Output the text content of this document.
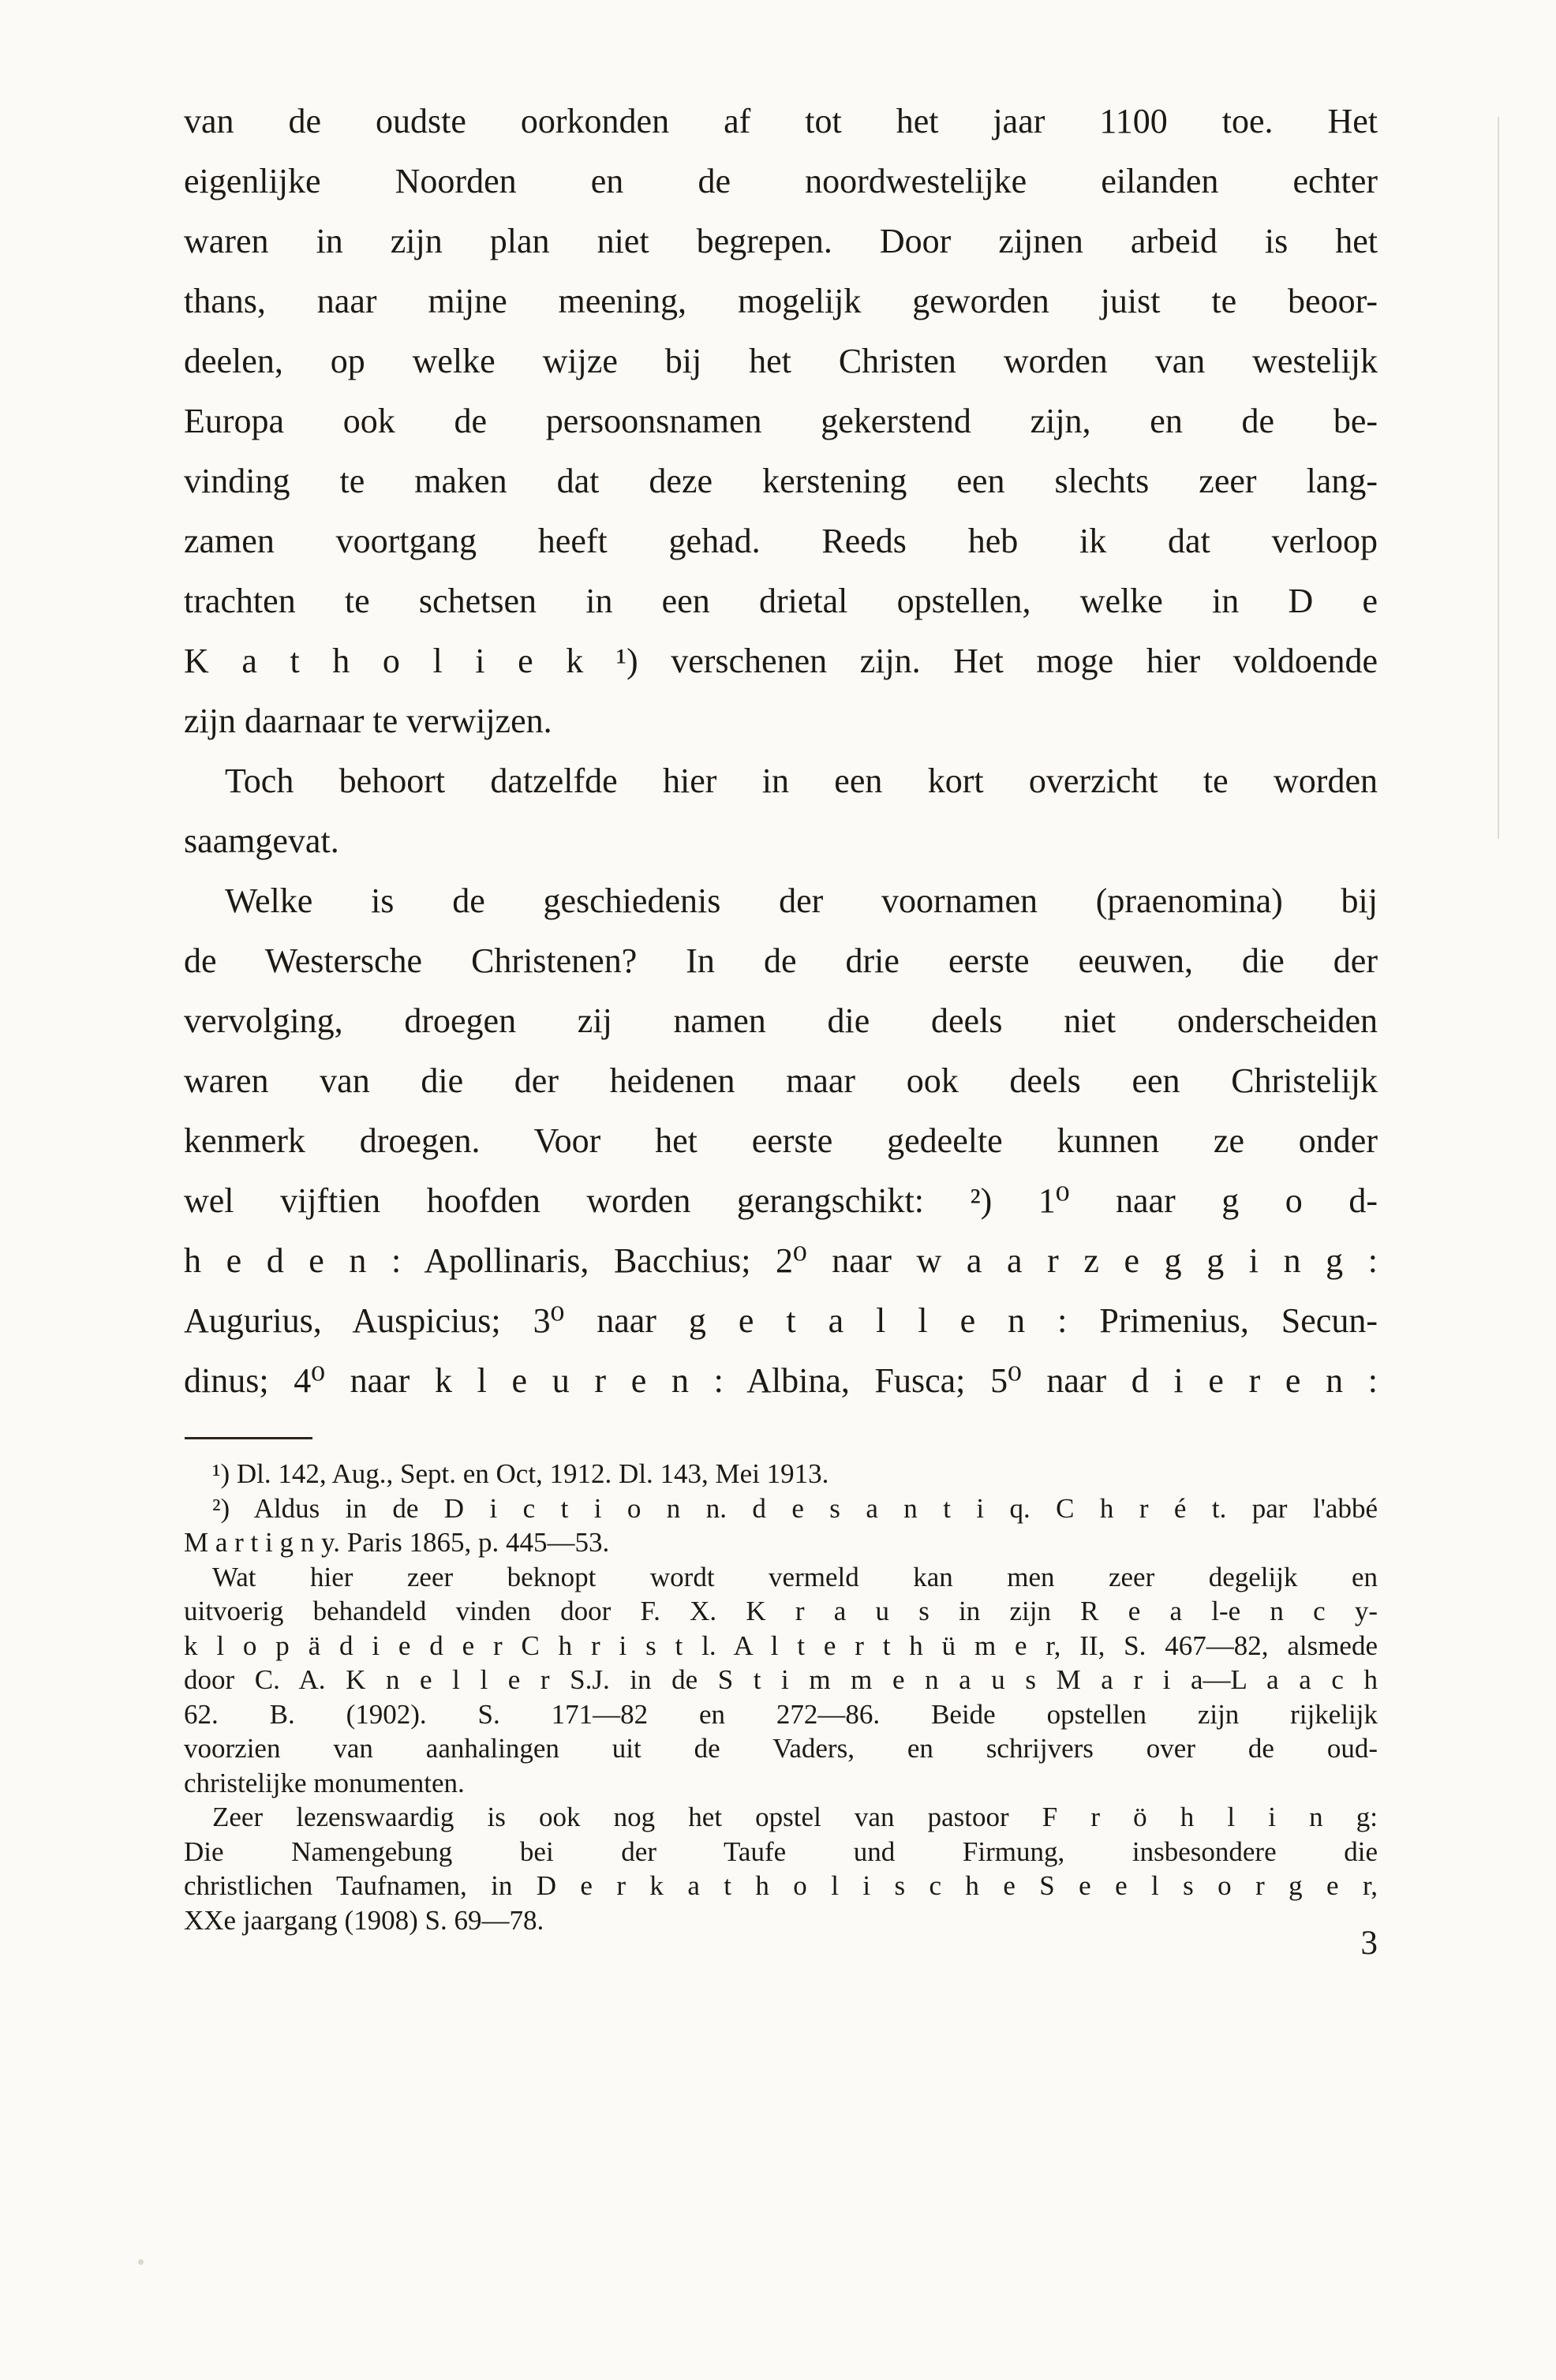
van de oudste oorkonden af tot het jaar 1100 toe. Het
eigenlijke Noorden en de noordwestelijke eilanden echter
waren in zijn plan niet begrepen. Door zijnen arbeid is het
thans, naar mijne meening, mogelijk geworden juist te beoor-
deelen, op welke wijze bij het Christen worden van westelijk
Europa ook de persoonsnamen gekerstend zijn, en de be-
vinding te maken dat deze kerstening een slechts zeer lang-
zamen voortgang heeft gehad. Reeds heb ik dat verloop
trachten te schetsen in een drietal opstellen, welke in D e
K a t h o l i e k ¹) verschenen zijn. Het moge hier voldoende
zijn daarnaar te verwijzen.
Toch behoort datzelfde hier in een kort overzicht te worden
saamgevat.
Welke is de geschiedenis der voornamen (praenomina) bij
de Westersche Christenen? In de drie eerste eeuwen, die der
vervolging, droegen zij namen die deels niet onderscheiden
waren van die der heidenen maar ook deels een Christelijk
kenmerk droegen. Voor het eerste gedeelte kunnen ze onder
wel vijftien hoofden worden gerangschikt: ²) 1⁰ naar g o d-
h e d e n : Apollinaris, Bacchius; 2⁰ naar w a a r z e g g i n g :
Augurius, Auspicius; 3⁰ naar g e t a l l e n : Primenius, Secun-
dinus; 4⁰ naar k l e u r e n : Albina, Fusca; 5⁰ naar d i e r e n :
¹) Dl. 142, Aug., Sept. en Oct, 1912. Dl. 143, Mei 1913.
²) Aldus in de D i c t i o n n. d e s a n t i q. C h r é t. par l'abbé
M a r t i g n y. Paris 1865, p. 445—53.
Wat hier zeer beknopt wordt vermeld kan men zeer degelijk en
uitvoerig behandeld vinden door F. X. K r a u s in zijn R e a l-e n c y-
k l o p ä d i e d e r C h r i s t l. A l t e r t h ü m e r, II, S. 467—82, alsmede
door C. A. K n e l l e r S.J. in de S t i m m e n a u s M a r i a—L a a c h
62. B. (1902). S. 171—82 en 272—86. Beide opstellen zijn rijkelijk
voorzien van aanhalingen uit de Vaders, en schrijvers over de oud-
christelijke monumenten.
Zeer lezenswaardig is ook nog het opstel van pastoor F r ö h l i n g:
Die Namengebung bei der Taufe und Firmung, insbesondere die
christlichen Taufnamen, in D e r k a t h o l i s c h e S e e l s o r g e r,
XXe jaargang (1908) S. 69—78.
3
